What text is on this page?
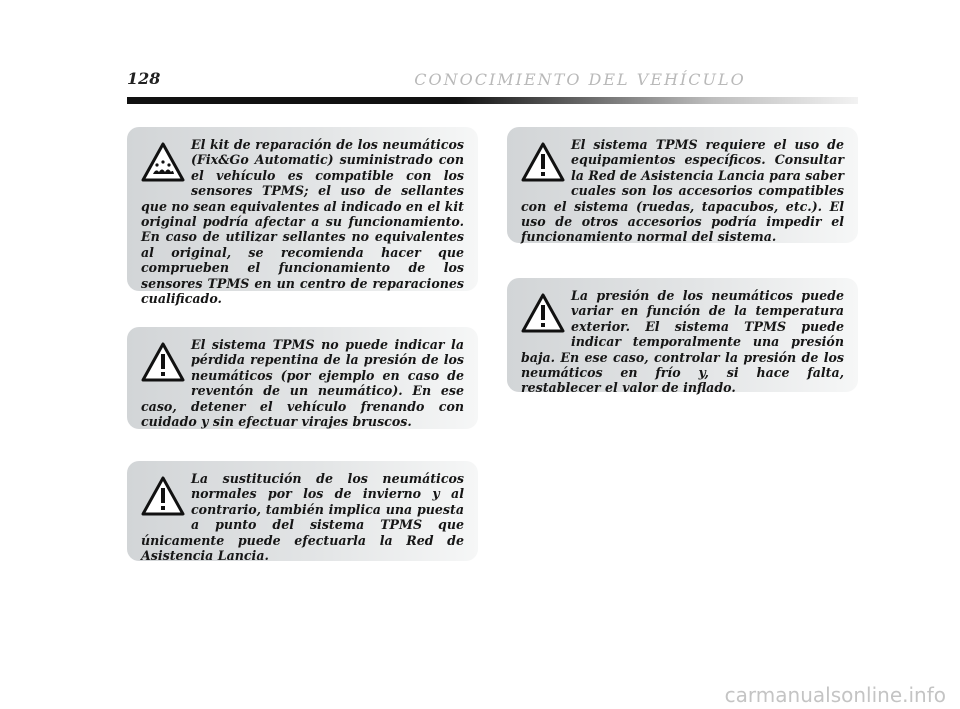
128	CONOCIMIENTO DEL VEHÍCULO
El kit de reparación de los neumáticos (Fix&Go Automatic) suministrado con el vehículo es compatible con los sensores TPMS; el uso de sellantes que no sean equivalentes al indicado en el kit original podría afectar a su funcionamiento. En caso de utilizar sellantes no equivalentes al original, se recomienda hacer que comprueben el funcionamiento de los sensores TPMS en un centro de reparaciones cualificado.
El sistema TPMS no puede indicar la pérdida repentina de la presión de los neumáticos (por ejemplo en caso de reventón de un neumático). En ese caso, detener el vehículo frenando con cuidado y sin efectuar virajes bruscos.
La sustitución de los neumáticos normales por los de invierno y al contrario, también implica una puesta a punto del sistema TPMS que únicamente puede efectuarla la Red de Asistencia Lancia.
El sistema TPMS requiere el uso de equipamientos específicos. Consultar la Red de Asistencia Lancia para saber cuales son los accesorios compatibles con el sistema (ruedas, tapacubos, etc.). El uso de otros accesorios podría impedir el funcionamiento normal del sistema.
La presión de los neumáticos puede variar en función de la temperatura exterior. El sistema TPMS puede indicar temporalmente una presión baja. En ese caso, controlar la presión de los neumáticos en frío y, si hace falta, restablecer el valor de inflado.
carmanualsonline.info
